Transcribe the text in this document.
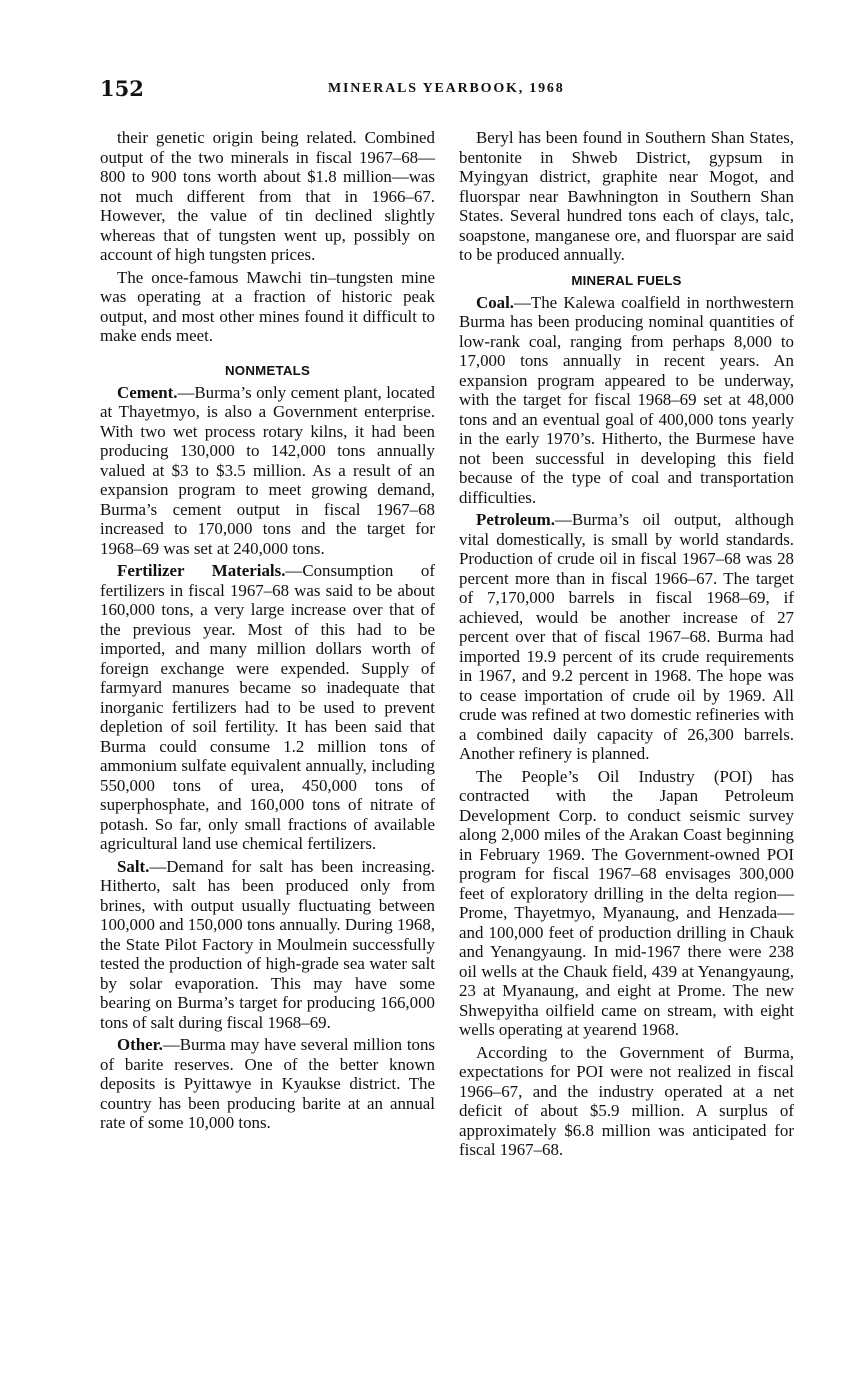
152	MINERALS YEARBOOK, 1968

their genetic origin being related. Combined output of the two minerals in fiscal 1967–68—800 to 900 tons worth about $1.8 million—was not much different from that in 1966–67. However, the value of tin declined slightly whereas that of tungsten went up, possibly on account of high tungsten prices.

The once-famous Mawchi tin–tungsten mine was operating at a fraction of historic peak output, and most other mines found it difficult to make ends meet.

NONMETALS

Cement.—Burma’s only cement plant, located at Thayetmyo, is also a Government enterprise. With two wet process rotary kilns, it had been producing 130,000 to 142,000 tons annually valued at $3 to $3.5 million. As a result of an expansion program to meet growing demand, Burma’s cement output in fiscal 1967–68 increased to 170,000 tons and the target for 1968–69 was set at 240,000 tons.

Fertilizer Materials.—Consumption of fertilizers in fiscal 1967–68 was said to be about 160,000 tons, a very large increase over that of the previous year. Most of this had to be imported, and many million dollars worth of foreign exchange were expended. Supply of farmyard manures became so inadequate that inorganic fertilizers had to be used to prevent depletion of soil fertility. It has been said that Burma could consume 1.2 million tons of ammonium sulfate equivalent annually, including 550,000 tons of urea, 450,000 tons of superphosphate, and 160,000 tons of nitrate of potash. So far, only small fractions of available agricultural land use chemical fertilizers.

Salt.—Demand for salt has been increasing. Hitherto, salt has been produced only from brines, with output usually fluctuating between 100,000 and 150,000 tons annually. During 1968, the State Pilot Factory in Moulmein successfully tested the production of high-grade sea water salt by solar evaporation. This may have some bearing on Burma’s target for producing 166,000 tons of salt during fiscal 1968–69.

Other.—Burma may have several million tons of barite reserves. One of the better known deposits is Pyittawye in Kyaukse district. The country has been producing barite at an annual rate of some 10,000 tons.

Beryl has been found in Southern Shan States, bentonite in Shweb District, gypsum in Myingyan district, graphite near Mogot, and fluorspar near Bawhnington in Southern Shan States. Several hundred tons each of clays, talc, soapstone, manganese ore, and fluorspar are said to be produced annually.

MINERAL FUELS

Coal.—The Kalewa coalfield in northwestern Burma has been producing nominal quantities of low-rank coal, ranging from perhaps 8,000 to 17,000 tons annually in recent years. An expansion program appeared to be underway, with the target for fiscal 1968–69 set at 48,000 tons and an eventual goal of 400,000 tons yearly in the early 1970’s. Hitherto, the Burmese have not been successful in developing this field because of the type of coal and transportation difficulties.

Petroleum.—Burma’s oil output, although vital domestically, is small by world standards. Production of crude oil in fiscal 1967–68 was 28 percent more than in fiscal 1966–67. The target of 7,170,000 barrels in fiscal 1968–69, if achieved, would be another increase of 27 percent over that of fiscal 1967–68. Burma had imported 19.9 percent of its crude requirements in 1967, and 9.2 percent in 1968. The hope was to cease importation of crude oil by 1969. All crude was refined at two domestic refineries with a combined daily capacity of 26,300 barrels. Another refinery is planned.

The People’s Oil Industry (POI) has contracted with the Japan Petroleum Development Corp. to conduct seismic survey along 2,000 miles of the Arakan Coast beginning in February 1969. The Government-owned POI program for fiscal 1967–68 envisages 300,000 feet of exploratory drilling in the delta region—Prome, Thayetmyo, Myanaung, and Henzada—and 100,000 feet of production drilling in Chauk and Yenangyaung. In mid-1967 there were 238 oil wells at the Chauk field, 439 at Yenangyaung, 23 at Myanaung, and eight at Prome. The new Shwepyitha oilfield came on stream, with eight wells operating at yearend 1968.

According to the Government of Burma, expectations for POI were not realized in fiscal 1966–67, and the industry operated at a net deficit of about $5.9 million. A surplus of approximately $6.8 million was anticipated for fiscal 1967–68.
